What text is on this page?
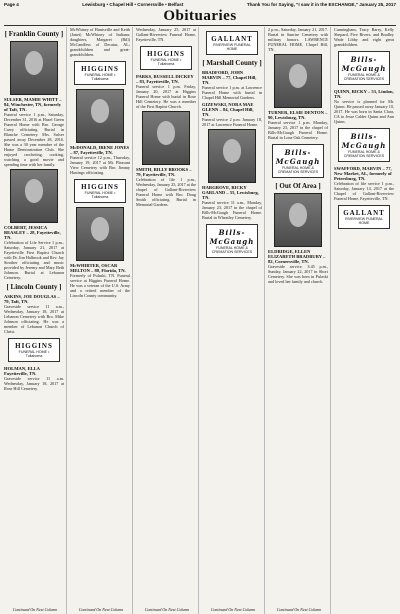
Page 4	Lewisburg • Chapel Hill • Cornersville • Belfast	Thank You for Saying, "I saw it in the EXCHANGE," January 25, 2017
Obituaries
[ Franklin County ]
SULSER, MAMIE WHITT – 84, Winchester, TN, formerly of Taft, TN.
Funeral service 1 p.m., Saturday, December 31, 2016 at Hazel Green Funeral Home with Bro. George Carey officiating. Burial in Blanche Cemetery. Mrs. Sulser passed away December 28, 2016. She was a 30 year member of the Home Demonstration Club. She enjoyed crocheting, cooking, watching a good movie and spending time with her family.
COLBERT, JESSICA BEASLEY – 28, Fayetteville, TN.
Celebration of Life Service 1 p.m., Saturday, January 21, 2017 at Fayetteville First Baptist Church with Dr. Jim Halbrook and Rev. Jay Strother officiating and music provided by Jeremy and Mary Beth Johnson. Burial at Lebanon Cemetery.
[ Lincoln County ]
ASKINS, JOE DOUGLAS – 79, Taft, TN.
Graveside service 11 a.m., Wednesday, January 18, 2017 at Lebanon Cemetery with Bro. Mike Johnson officiating. He was a member of Lebanon Church of Christ.
HIGGINS
FUNERAL HOME • Tullahoma
HOLMAN, ELLA Fayetteville, TN.
Graveside service 11 a.m. Wednesday, January 18, 2017 at Rose Hill Cemetery.
Continued On Next Column
McWhiney of Huntsville and Keith (Janet) McWhiney of Indiana; daughters, Margaret (Bill) McCandless of Decatur, AL; grandchildren and great-grandchildren.
HIGGINS
FUNERAL HOME • Tullahoma
McDONALD, IRENE JONES – 87, Fayetteville, TN.
Funeral service 12 p.m., Thursday, January 19, 2017 at Mt. Pleasant View Cemetery with Bro. Jimmy Hastings officiating.
HIGGINS
FUNERAL HOME • Tullahoma
McWHIRTER, OSCAR MELTON – 88, Florida, TN.
Formerly of Pulaski, TN. Funeral service at Higgins Funeral Home. He was a veteran of the U.S. Army and a retired member of the Lincoln County community.
Continued On Next Column
Wednesday, January 25, 2017 at Gallant-Riverview Funeral Home, Fayetteville, TN.
HIGGINS
FUNERAL HOME • Tullahoma
PARKS, RUSSELL DICKEY – 83, Fayetteville, TN.
Funeral service 1 p.m. Friday, January 20, 2017 at Higgins Funeral Home with burial in Rose Hill Cemetery. He was a member of the First Baptist Church.
SMITH, BILLY BROOKS – 79, Fayetteville, TN.
Celebration of life 1 p.m., Wednesday, January 25, 2017 at the chapel of Gallant-Riverview Funeral Home with Bro. Doug Smith officiating. Burial in Memorial Gardens.
Continued On Next Column
GALLANT
RIVERVIEW FUNERAL HOME
[ Marshall County ]
BRADFORD, JOHN MARVIN – 77, Chapel Hill, TN.
Funeral service 1 p.m. at Lawrence Funeral Home with burial in Chapel Hill Memorial Gardens.
GIZEWSKI, NORA MAE GLENN – 84, Chapel Hill, TN.
Funeral service 2 p.m. January 18, 2017 at Lawrence Funeral Home.
HARGROVE, RICKY GARLAND – 55, Lewisburg, TN.
Funeral service 11 a.m., Monday, January 23, 2017 in the chapel of Bills-McGaugh Funeral Home. Burial in Wheatley Cemetery.
Bills-McGaugh
FUNERAL HOME & CREMATION SERVICES
Continued On Next Column
2 p.m., Saturday, January 21, 2017. Burial in Sunrise Cemetery with military honors. LAWRENCE FUNERAL HOME, Chapel Hill, TN.
TURNER, ELSIE DENTON – 90, Lewisburg, TN.
Funeral service 1 p.m. Monday, January 23, 2017 in the chapel of Bills-McGaugh Funeral Home. Burial in Lone Oak Cemetery.
Bills-McGaugh
FUNERAL HOME & CREMATION SERVICES
[ Out Of Area ]
ELDRIDGE, ELLEN ELIZABETH BRADBURY – 82, Cornersville, TN.
Graveside service, 3:45 p.m., Sunday, January 22, 2017 in Short Cemetery. She was born in Pulaski and loved her family and church.
Continued On Next Column
Cunningham, Tracy Barry, Kelly Shepard, Five Rivers, and Bradley Wade Libby and eight great grandchildren.
Bills-McGaugh
FUNERAL HOME & CREMATION SERVICES
QUINN, RICKY – 53, Lindon, TN.
No service is planned for Mr. Quinn. He passed away January 10, 2017. He was born in Santa Clara, CA to Jesse Calder Quinn and Ann Quinn.
Bills-McGaugh
FUNERAL HOME & CREMATION SERVICES
SWAFFORD, MARVIN – 77, New Market, AL, formerly of Petersburg, TN.
Celebration of life service 1 p.m., Saturday, January 14, 2017 at the Chapel of Gallant-Riverview Funeral Home, Fayetteville, TN.
GALLANT
RIVERVIEW FUNERAL HOME
